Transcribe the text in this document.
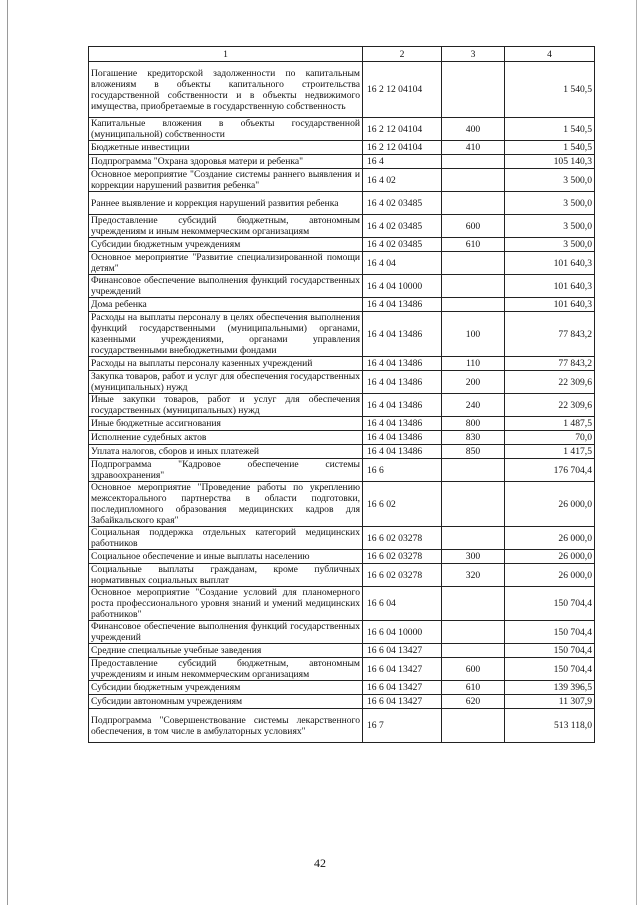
1	2	3	4
Погашение кредиторской задолженности по капитальным вложениям в объекты капитального строительства государственной собственности и в объекты недвижимого имущества, приобретаемые в государственную собственность	16 2 12 04104		1 540,5
Капитальные вложения в объекты государственной (муниципальной) собственности	16 2 12 04104	400	1 540,5
Бюджетные инвестиции	16 2 12 04104	410	1 540,5
Подпрограмма "Охрана здоровья матери и ребенка"	16 4		105 140,3
Основное мероприятие "Создание системы раннего выявления и коррекции нарушений развития ребенка"	16 4 02		3 500,0
Раннее выявление и коррекция нарушений развития ребенка	16 4 02 03485		3 500,0
Предоставление субсидий бюджетным, автономным учреждениям и иным некоммерческим организациям	16 4 02 03485	600	3 500,0
Субсидии бюджетным учреждениям	16 4 02 03485	610	3 500,0
Основное мероприятие "Развитие специализированной помощи детям"	16 4 04		101 640,3
Финансовое обеспечение выполнения функций государственных учреждений	16 4 04 10000		101 640,3
Дома ребенка	16 4 04 13486		101 640,3
Расходы на выплаты персоналу в целях обеспечения выполнения функций государственными (муниципальными) органами, казенными учреждениями, органами управления государственными внебюджетными фондами	16 4 04 13486	100	77 843,2
Расходы на выплаты персоналу казенных учреждений	16 4 04 13486	110	77 843,2
Закупка товаров, работ и услуг для обеспечения государственных (муниципальных) нужд	16 4 04 13486	200	22 309,6
Иные закупки товаров, работ и услуг для обеспечения государственных (муниципальных) нужд	16 4 04 13486	240	22 309,6
Иные бюджетные ассигнования	16 4 04 13486	800	1 487,5
Исполнение судебных актов	16 4 04 13486	830	70,0
Уплата налогов, сборов и иных платежей	16 4 04 13486	850	1 417,5
Подпрограмма "Кадровое обеспечение системы здравоохранения"	16 6		176 704,4
Основное мероприятие "Проведение работы по укреплению межсекторального партнерства в области подготовки, последипломного образования медицинских кадров для Забайкальского края"	16 6 02		26 000,0
Социальная поддержка отдельных категорий медицинских работников	16 6 02 03278		26 000,0
Социальное обеспечение и иные выплаты населению	16 6 02 03278	300	26 000,0
Социальные выплаты гражданам, кроме публичных нормативных социальных выплат	16 6 02 03278	320	26 000,0
Основное мероприятие "Создание условий для планомерного роста профессионального уровня знаний и умений медицинских работников"	16 6 04		150 704,4
Финансовое обеспечение выполнения функций государственных учреждений	16 6 04 10000		150 704,4
Средние специальные учебные заведения	16 6 04 13427		150 704,4
Предоставление субсидий бюджетным, автономным учреждениям и иным некоммерческим организациям	16 6 04 13427	600	150 704,4
Субсидии бюджетным учреждениям	16 6 04 13427	610	139 396,5
Субсидии автономным учреждениям	16 6 04 13427	620	11 307,9
Подпрограмма "Совершенствование системы лекарственного обеспечения, в том числе в амбулаторных условиях"	16 7		513 118,0
42
